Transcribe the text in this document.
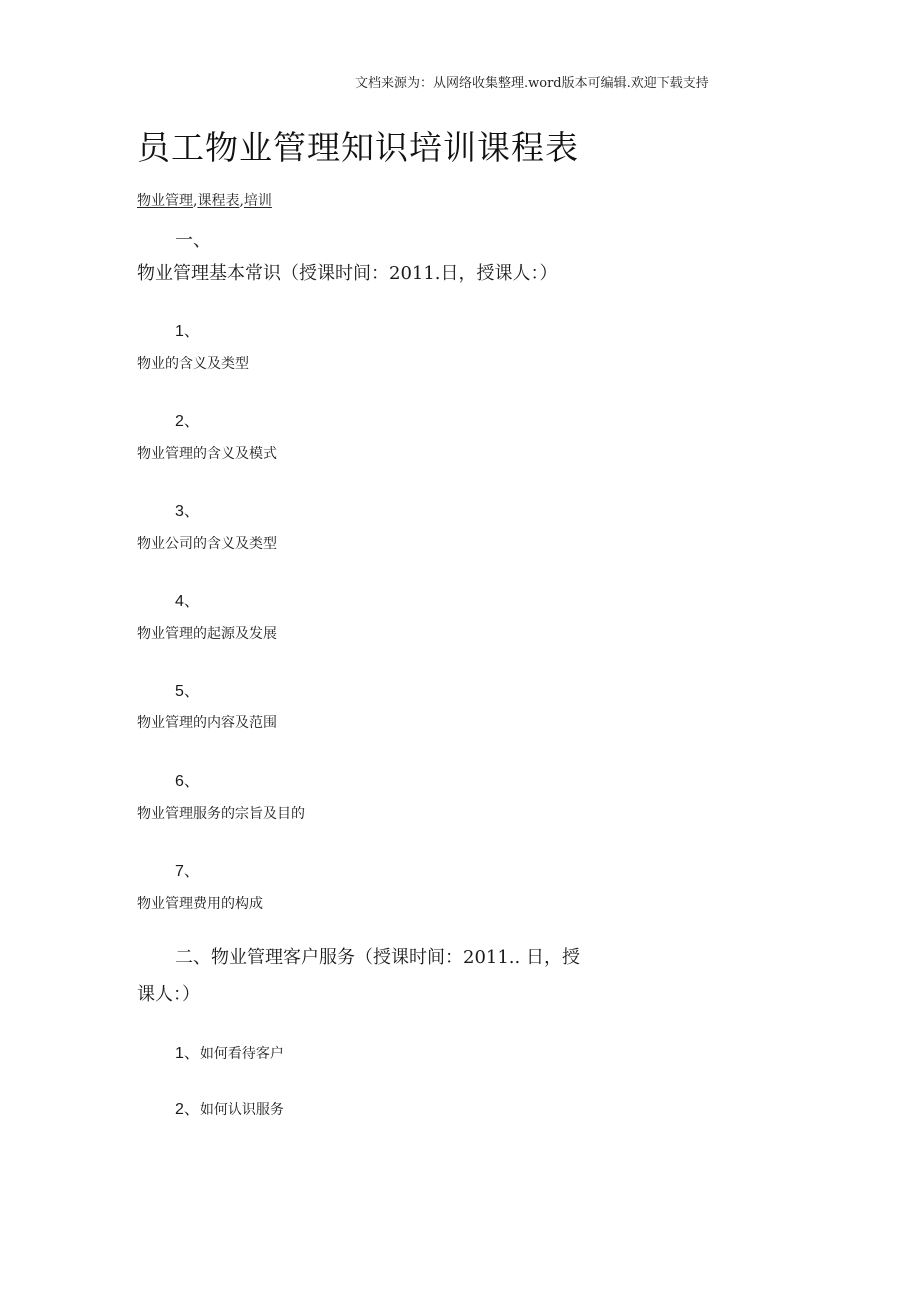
文档来源为：从网络收集整理.word版本可编辑.欢迎下载支持
员工物业管理知识培训课程表
物业管理,课程表,培训
一、
物业管理基本常识（授课时间：2011.日，授课人：）
1、
物业的含义及类型
2、
物业管理的含义及模式
3、
物业公司的含义及类型
4、
物业管理的起源及发展
5、
物业管理的内容及范围
6、
物业管理服务的宗旨及目的
7、
物业管理费用的构成
二、物业管理客户服务（授课时间：2011.. 日，授
课人：）
1、如何看待客户
2、如何认识服务
